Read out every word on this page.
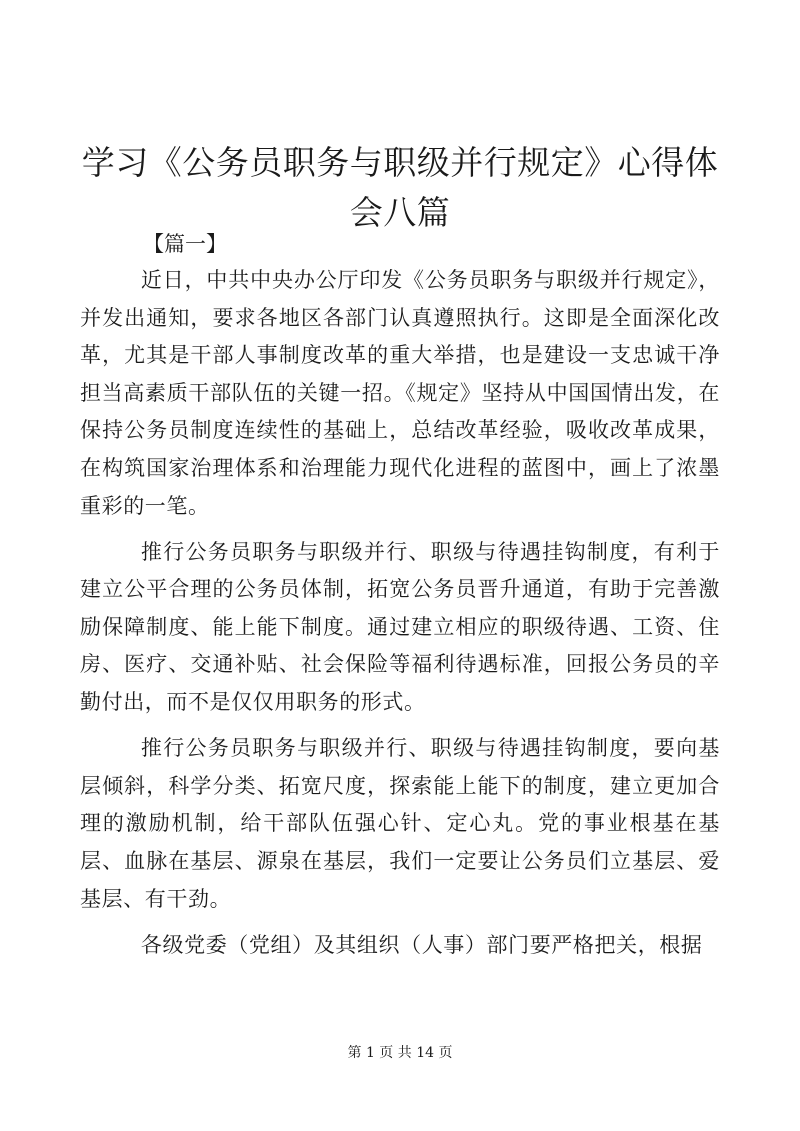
学习《公务员职务与职级并行规定》心得体会八篇

【篇一】

近日，中共中央办公厅印发《公务员职务与职级并行规定》，并发出通知，要求各地区各部门认真遵照执行。这即是全面深化改革，尤其是干部人事制度改革的重大举措，也是建设一支忠诚干净担当高素质干部队伍的关键一招。《规定》坚持从中国国情出发，在保持公务员制度连续性的基础上，总结改革经验，吸收改革成果，在构筑国家治理体系和治理能力现代化进程的蓝图中，画上了浓墨重彩的一笔。

推行公务员职务与职级并行、职级与待遇挂钩制度，有利于建立公平合理的公务员体制，拓宽公务员晋升通道，有助于完善激励保障制度、能上能下制度。通过建立相应的职级待遇、工资、住房、医疗、交通补贴、社会保险等福利待遇标准，回报公务员的辛勤付出，而不是仅仅用职务的形式。

推行公务员职务与职级并行、职级与待遇挂钩制度，要向基层倾斜，科学分类、拓宽尺度，探索能上能下的制度，建立更加合理的激励机制，给干部队伍强心针、定心丸。党的事业根基在基层、血脉在基层、源泉在基层，我们一定要让公务员们立基层、爱基层、有干劲。

各级党委（党组）及其组织（人事）部门要严格把关，根据

第 1 页 共 14 页
